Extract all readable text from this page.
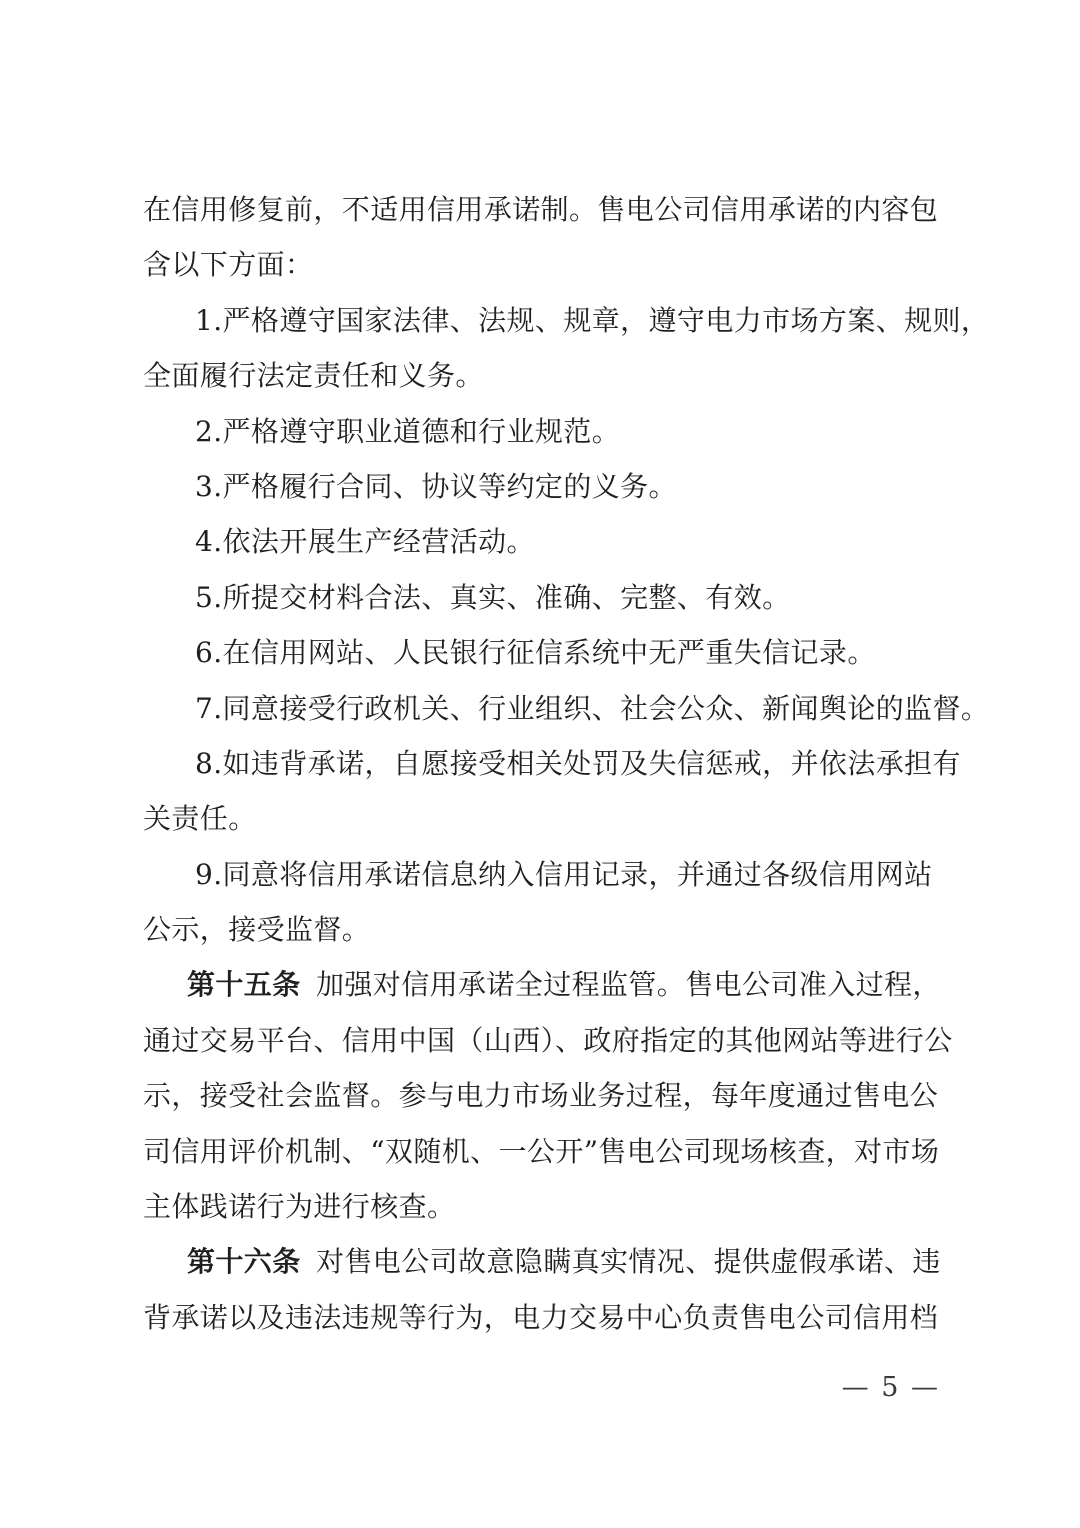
在信用修复前，不适用信用承诺制。售电公司信用承诺的内容包
含以下方面：
1.严格遵守国家法律、法规、规章，遵守电力市场方案、规则，
全面履行法定责任和义务。
2.严格遵守职业道德和行业规范。
3.严格履行合同、协议等约定的义务。
4.依法开展生产经营活动。
5.所提交材料合法、真实、准确、完整、有效。
6.在信用网站、人民银行征信系统中无严重失信记录。
7.同意接受行政机关、行业组织、社会公众、新闻舆论的监督。
8.如违背承诺，自愿接受相关处罚及失信惩戒，并依法承担有
关责任。
9.同意将信用承诺信息纳入信用记录，并通过各级信用网站
公示，接受监督。
第十五条 加强对信用承诺全过程监管。售电公司准入过程，
通过交易平台、信用中国（山西）、政府指定的其他网站等进行公
示，接受社会监督。参与电力市场业务过程，每年度通过售电公
司信用评价机制、“双随机、一公开”售电公司现场核查，对市场
主体践诺行为进行核查。
第十六条 对售电公司故意隐瞒真实情况、提供虚假承诺、违
背承诺以及违法违规等行为，电力交易中心负责售电公司信用档
— 5 —
